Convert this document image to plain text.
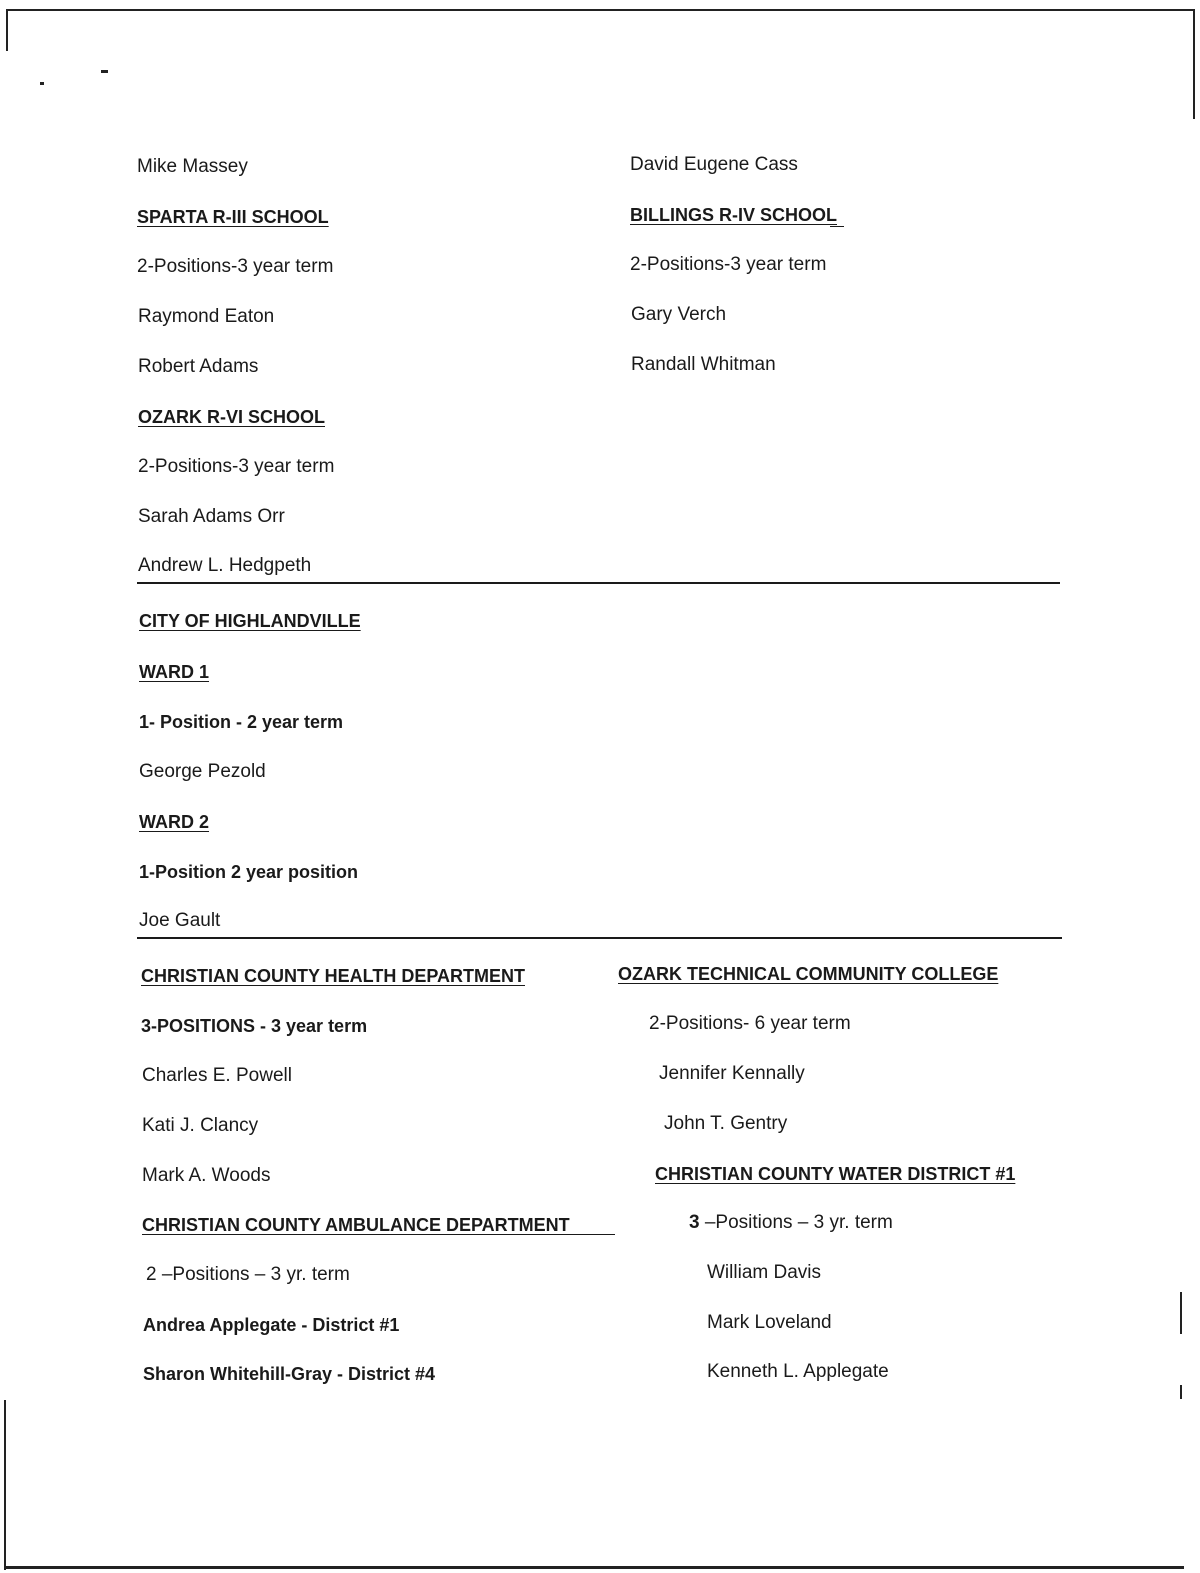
Mike Massey
SPARTA R-III SCHOOL
2-Positions-3 year term
Raymond Eaton
Robert Adams
OZARK R-VI SCHOOL
2-Positions-3 year term
Sarah Adams Orr
Andrew L. Hedgpeth
David Eugene Cass
BILLINGS R-IV SCHOOL
2-Positions-3 year term
Gary Verch
Randall Whitman
CITY OF HIGHLANDVILLE
WARD 1
1- Position - 2 year term
George Pezold
WARD 2
1-Position 2 year position
Joe Gault
CHRISTIAN COUNTY HEALTH DEPARTMENT
3-POSITIONS - 3 year term
Charles E. Powell
Kati J. Clancy
Mark A. Woods
CHRISTIAN COUNTY AMBULANCE DEPARTMENT
2 –Positions – 3 yr. term
Andrea Applegate - District #1
Sharon Whitehill-Gray - District #4
OZARK TECHNICAL COMMUNITY COLLEGE
2-Positions- 6 year term
Jennifer Kennally
John T. Gentry
CHRISTIAN COUNTY WATER DISTRICT #1
3 –Positions – 3 yr. term
William Davis
Mark Loveland
Kenneth L. Applegate
